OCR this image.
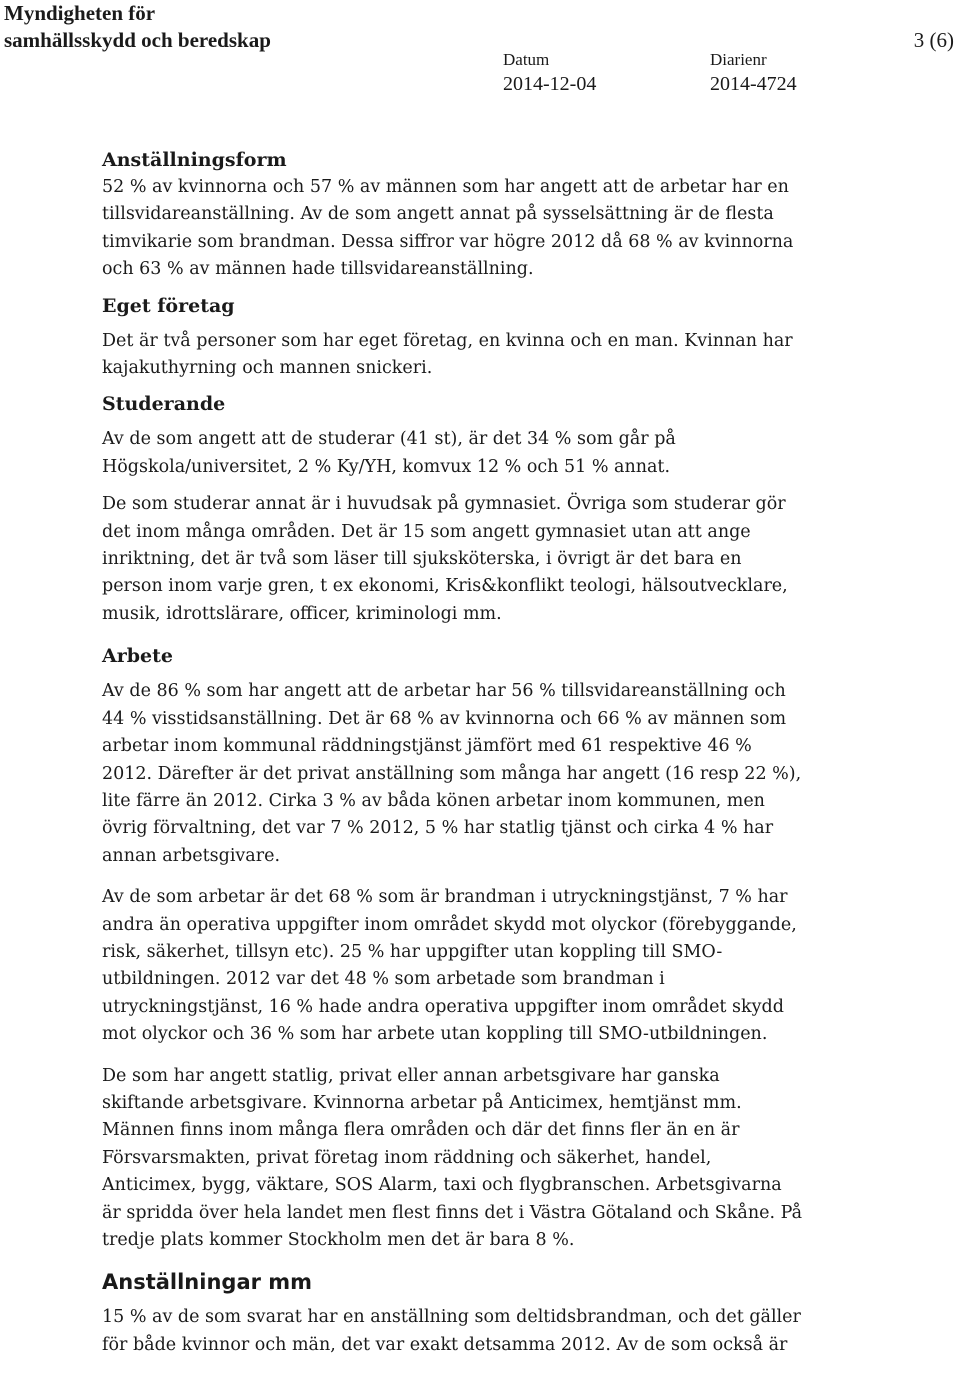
Myndigheten för
samhällsskydd och beredskap	3 (6)
Datum
2014-12-04
Diarienr
2014-4724
Anställningsform

52 % av kvinnorna och 57 % av männen som har angett att de arbetar har en tillsvidareanställning. Av de som angett annat på sysselsättning är de flesta timvikarie som brandman. Dessa siffror var högre 2012 då 68 % av kvinnorna och 63 % av männen hade tillsvidareanställning.

Eget företag

Det är två personer som har eget företag, en kvinna och en man. Kvinnan har kajakuthyrning och mannen snickeri.

Studerande

Av de som angett att de studerar (41 st), är det 34 % som går på Högskola/universitet, 2 % Ky/YH, komvux 12 % och 51 % annat.

De som studerar annat är i huvudsak på gymnasiet. Övriga som studerar gör det inom många områden. Det är 15 som angett gymnasiet utan att ange inriktning, det är två som läser till sjuksköterska, i övrigt är det bara en person inom varje gren, t ex ekonomi, Kris&konflikt teologi, hälsoutvecklare, musik, idrottslärare, officer, kriminologi mm.

Arbete

Av de 86 % som har angett att de arbetar har 56 % tillsvidareanställning och 44 % visstidsanställning. Det är 68 % av kvinnorna och 66 % av männen som arbetar inom kommunal räddningstjänst jämfört med 61 respektive 46 % 2012. Därefter är det privat anställning som många har angett (16 resp 22 %), lite färre än 2012. Cirka 3 % av båda könen arbetar inom kommunen, men övrig förvaltning, det var 7 % 2012, 5 % har statlig tjänst och cirka 4 % har annan arbetsgivare.

Av de som arbetar är det 68 % som är brandman i utryckningstjänst, 7 % har andra än operativa uppgifter inom området skydd mot olyckor (förebyggande, risk, säkerhet, tillsyn etc). 25 % har uppgifter utan koppling till SMO-utbildningen. 2012 var det 48 % som arbetade som brandman i utryckningstjänst, 16 % hade andra operativa uppgifter inom området skydd mot olyckor och 36 % som har arbete utan koppling till SMO-utbildningen.

De som har angett statlig, privat eller annan arbetsgivare har ganska skiftande arbetsgivare. Kvinnorna arbetar på Anticimex, hemtjänst mm. Männen finns inom många flera områden och där det finns fler än en är Försvarsmakten, privat företag inom räddning och säkerhet, handel, Anticimex, bygg, väktare, SOS Alarm, taxi och flygbranschen. Arbetsgivarna är spridda över hela landet men flest finns det i Västra Götaland och Skåne. På tredje plats kommer Stockholm men det är bara 8 %.

Anställningar mm

15 % av de som svarat har en anställning som deltidsbrandman, och det gäller för både kvinnor och män, det var exakt detsamma 2012. Av de som också är
